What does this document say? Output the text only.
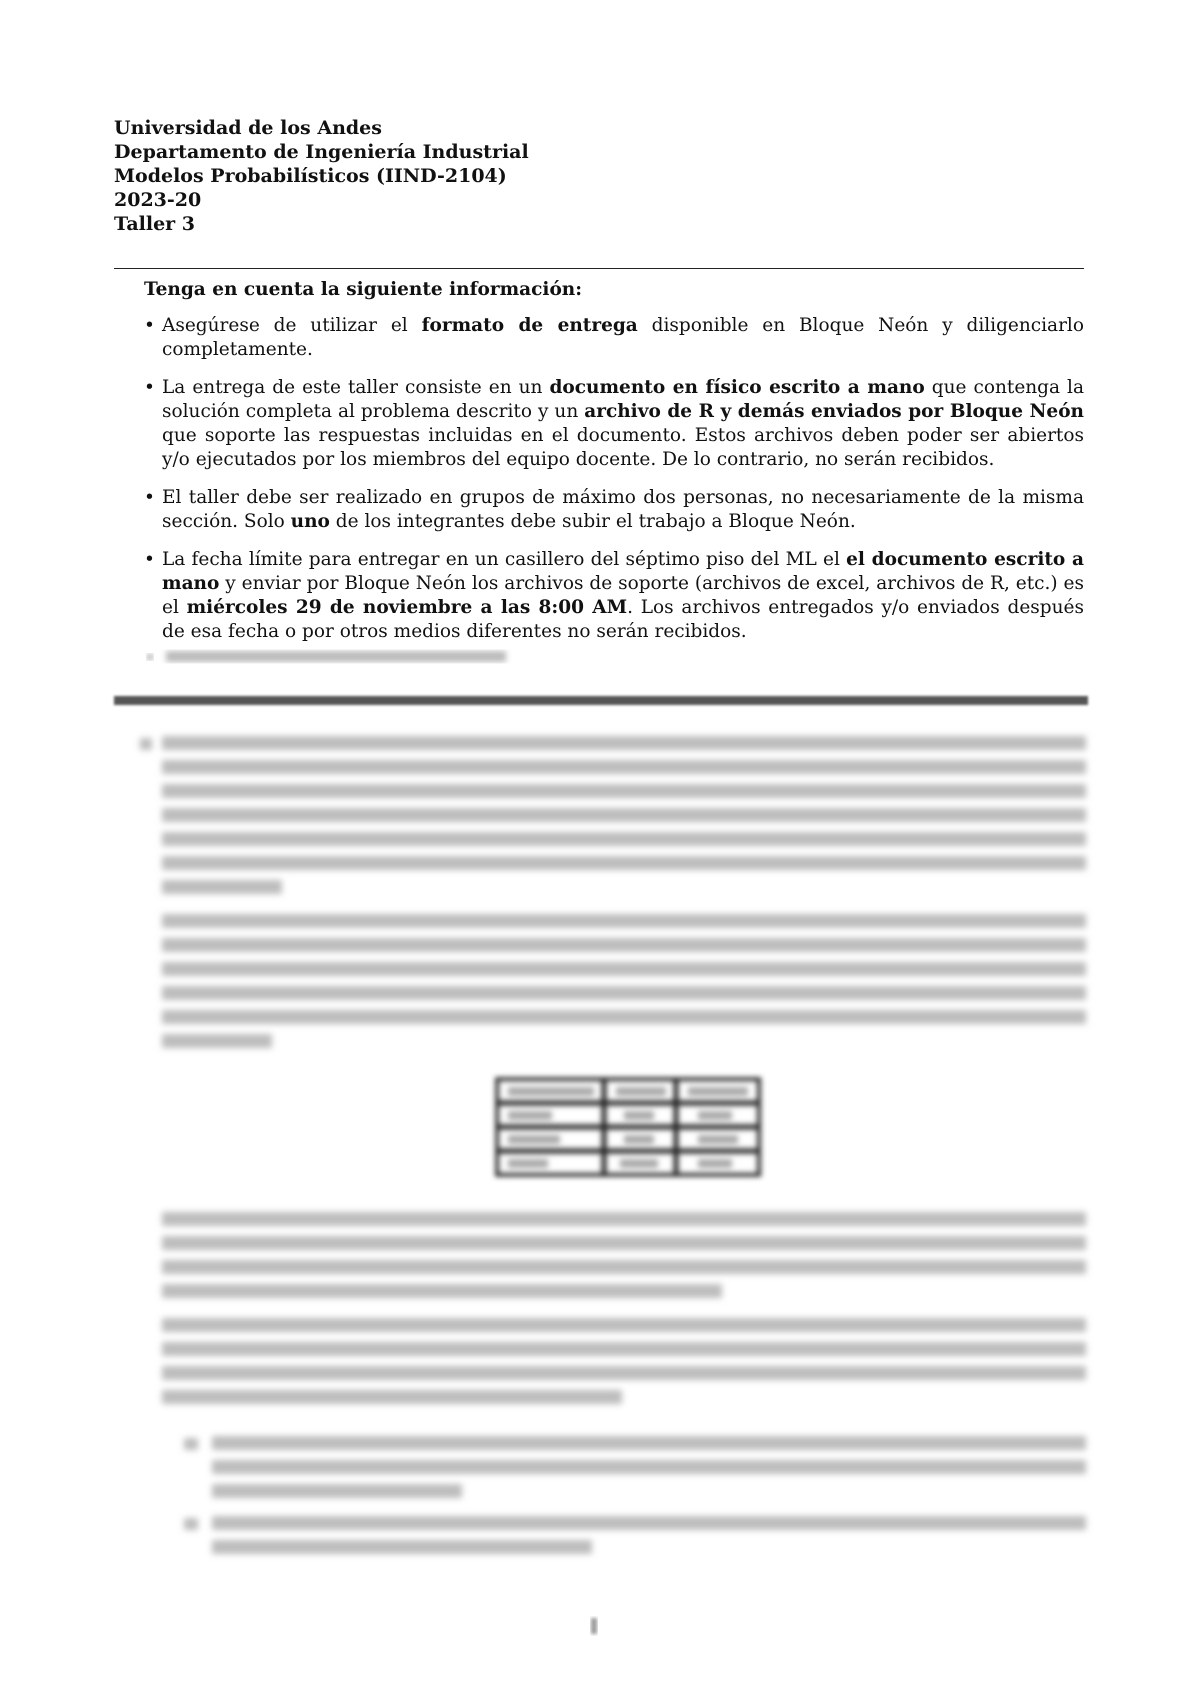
Universidad de los Andes
Departamento de Ingeniería Industrial
Modelos Probabilísticos (IIND-2104)
2023-20
Taller 3
Tenga en cuenta la siguiente información:
• Asegúrese de utilizar el formato de entrega disponible en Bloque Neón y diligenciarlo completamente.
• La entrega de este taller consiste en un documento en físico escrito a mano que contenga la solución completa al problema descrito y un archivo de R y demás enviados por Bloque Neón que soporte las respuestas incluidas en el documento. Estos archivos deben poder ser abiertos y/o ejecutados por los miembros del equipo docente. De lo contrario, no serán recibidos.
• El taller debe ser realizado en grupos de máximo dos personas, no necesariamente de la misma sección. Solo uno de los integrantes debe subir el trabajo a Bloque Neón.
• La fecha límite para entregar en un casillero del séptimo piso del ML el el documento escrito a mano y enviar por Bloque Neón los archivos de soporte (archivos de excel, archivos de R, etc.) es el miércoles 29 de noviembre a las 8:00 AM. Los archivos entregados y/o enviados después de esa fecha o por otros medios diferentes no serán recibidos.
